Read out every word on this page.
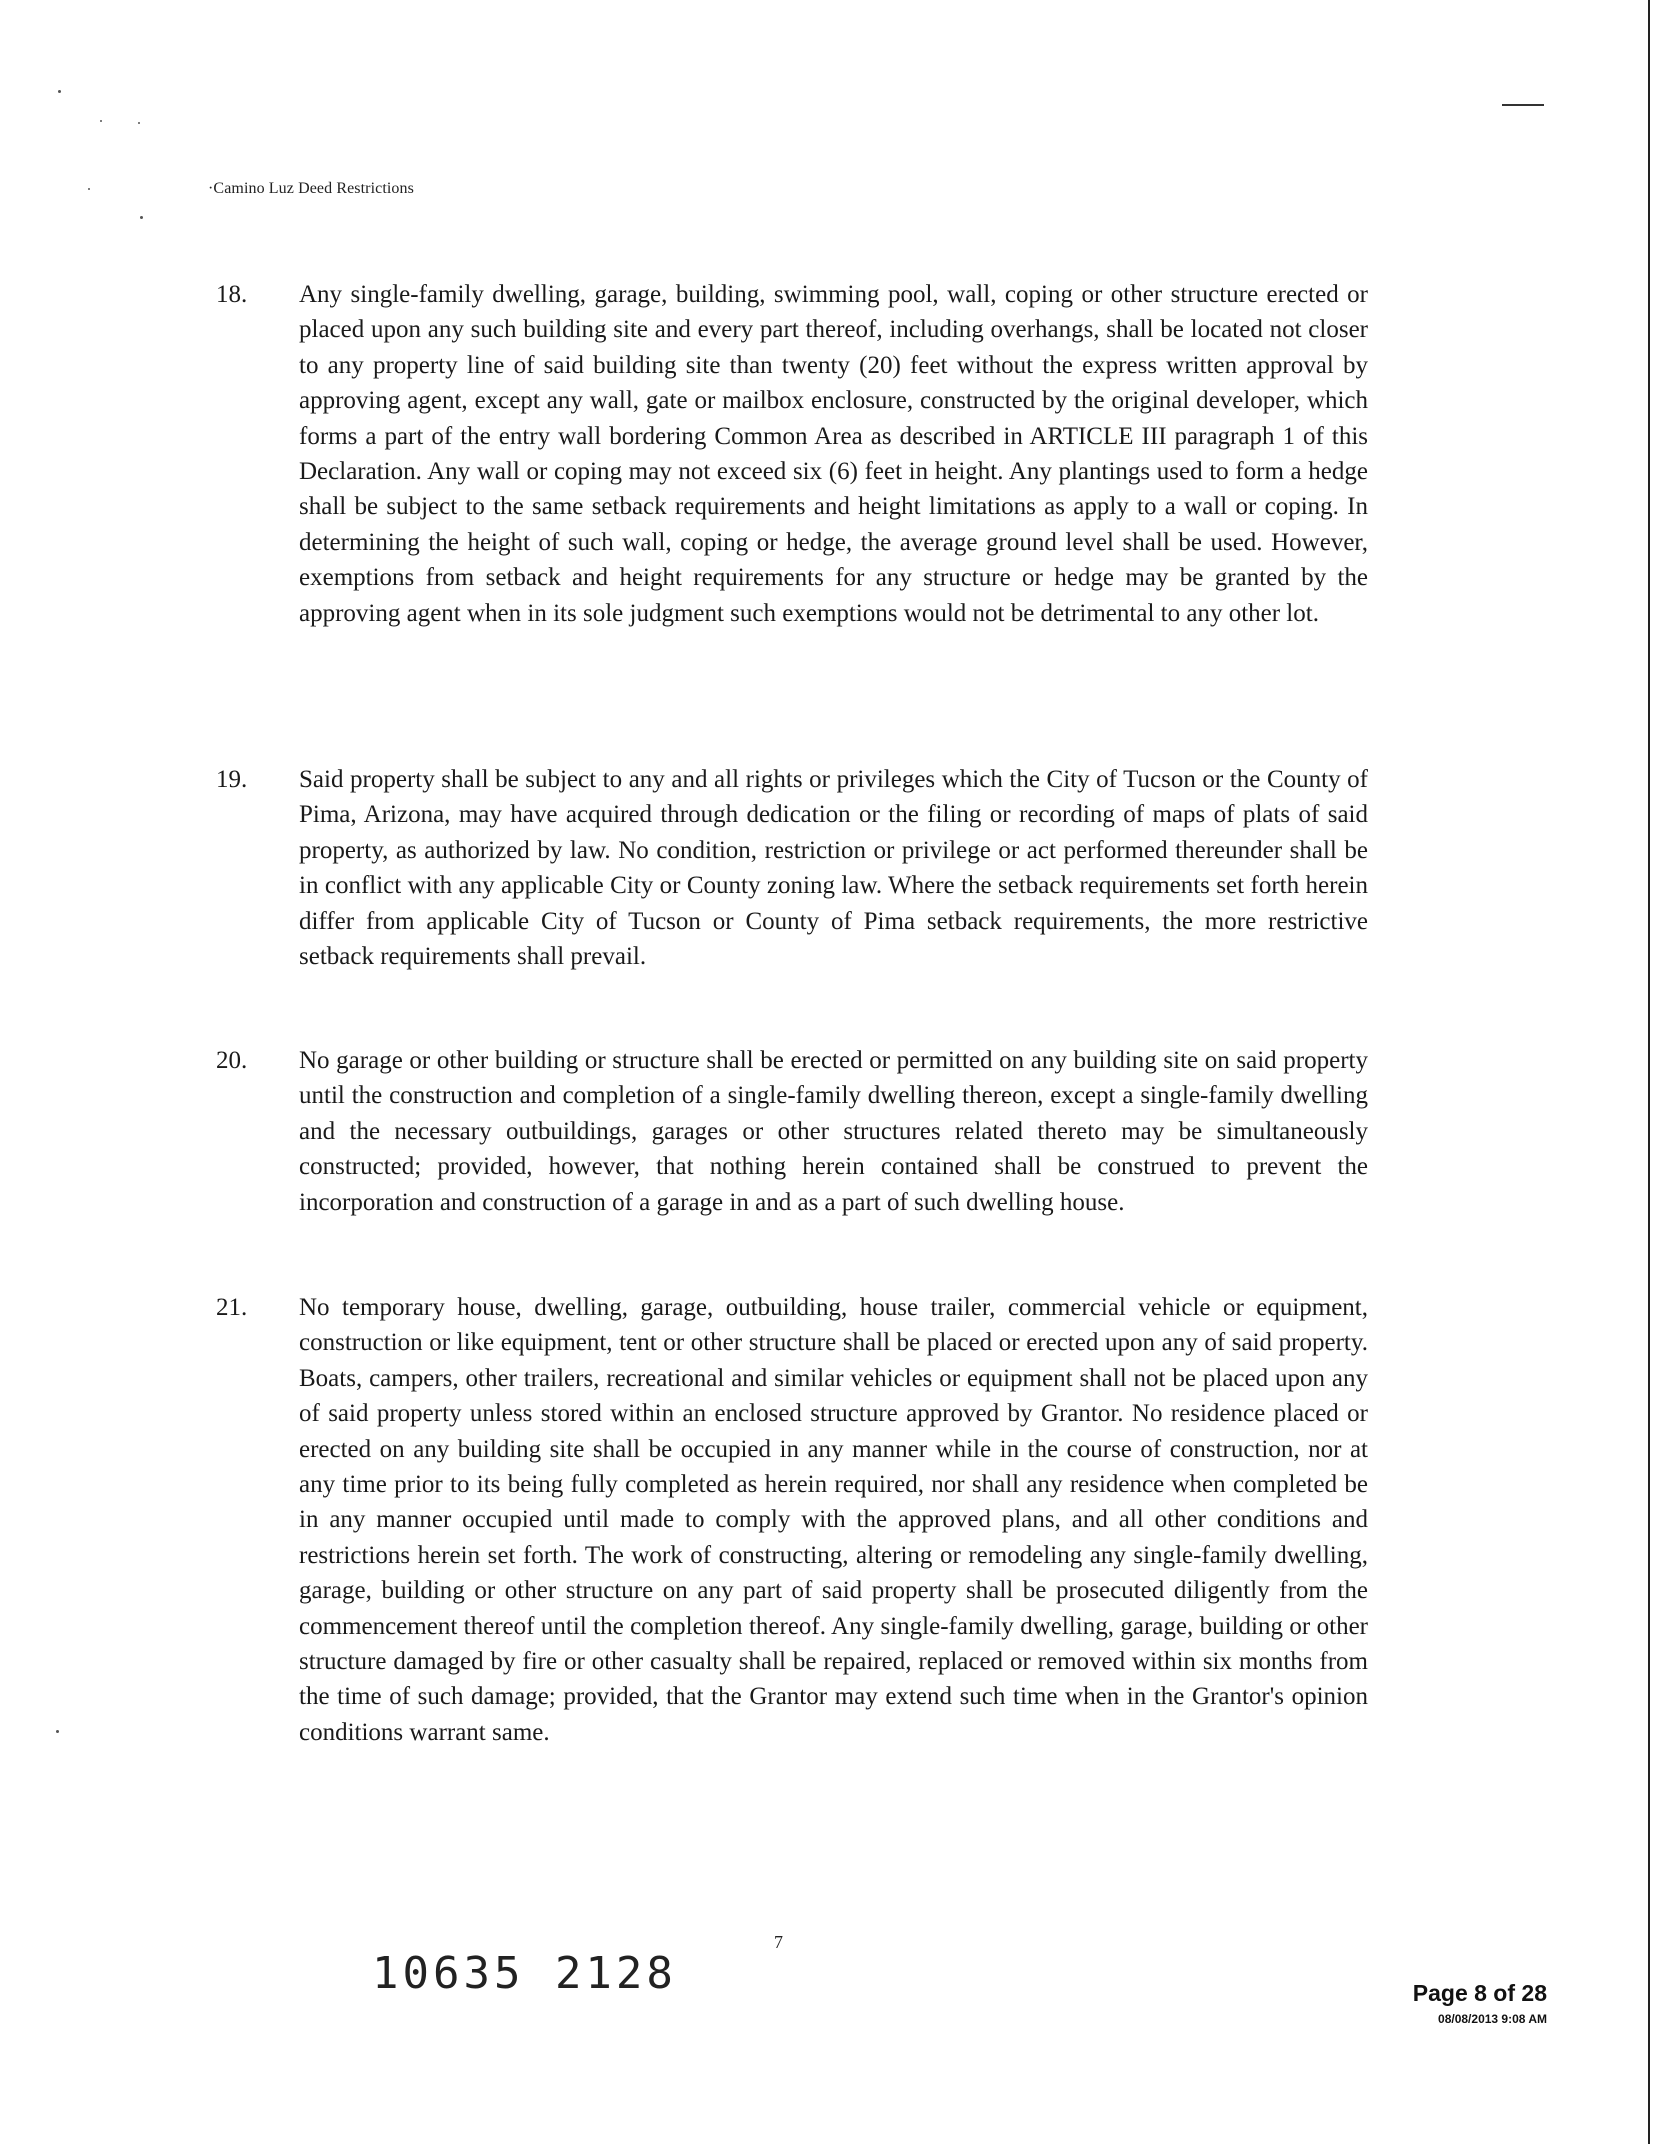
·Camino Luz Deed Restrictions
18. Any single-family dwelling, garage, building, swimming pool, wall, coping or other structure erected or placed upon any such building site and every part thereof, including overhangs, shall be located not closer to any property line of said building site than twenty (20) feet without the express written approval by approving agent, except any wall, gate or mailbox enclosure, constructed by the original developer, which forms a part of the entry wall bordering Common Area as described in ARTICLE III paragraph 1 of this Declaration. Any wall or coping may not exceed six (6) feet in height. Any plantings used to form a hedge shall be subject to the same setback requirements and height limitations as apply to a wall or coping. In determining the height of such wall, coping or hedge, the average ground level shall be used. However, exemptions from setback and height requirements for any structure or hedge may be granted by the approving agent when in its sole judgment such exemptions would not be detrimental to any other lot.

19. Said property shall be subject to any and all rights or privileges which the City of Tucson or the County of Pima, Arizona, may have acquired through dedication or the filing or recording of maps of plats of said property, as authorized by law. No condition, restriction or privilege or act performed thereunder shall be in conflict with any applicable City or County zoning law. Where the setback requirements set forth herein differ from applicable City of Tucson or County of Pima setback requirements, the more restrictive setback requirements shall prevail.

20. No garage or other building or structure shall be erected or permitted on any building site on said property until the construction and completion of a single-family dwelling thereon, except a single-family dwelling and the necessary outbuildings, garages or other structures related thereto may be simultaneously constructed; provided, however, that nothing herein contained shall be construed to prevent the incorporation and construction of a garage in and as a part of such dwelling house.

21. No temporary house, dwelling, garage, outbuilding, house trailer, commercial vehicle or equipment, construction or like equipment, tent or other structure shall be placed or erected upon any of said property. Boats, campers, other trailers, recreational and similar vehicles or equipment shall not be placed upon any of said property unless stored within an enclosed structure approved by Grantor. No residence placed or erected on any building site shall be occupied in any manner while in the course of construction, nor at any time prior to its being fully completed as herein required, nor shall any residence when completed be in any manner occupied until made to comply with the approved plans, and all other conditions and restrictions herein set forth. The work of constructing, altering or remodeling any single-family dwelling, garage, building or other structure on any part of said property shall be prosecuted diligently from the commencement thereof until the completion thereof. Any single-family dwelling, garage, building or other structure damaged by fire or other casualty shall be repaired, replaced or removed within six months from the time of such damage; provided, that the Grantor may extend such time when in the Grantor's opinion conditions warrant same.

10635 2128
7
Page 8 of 28
08/08/2013 9:08 AM
